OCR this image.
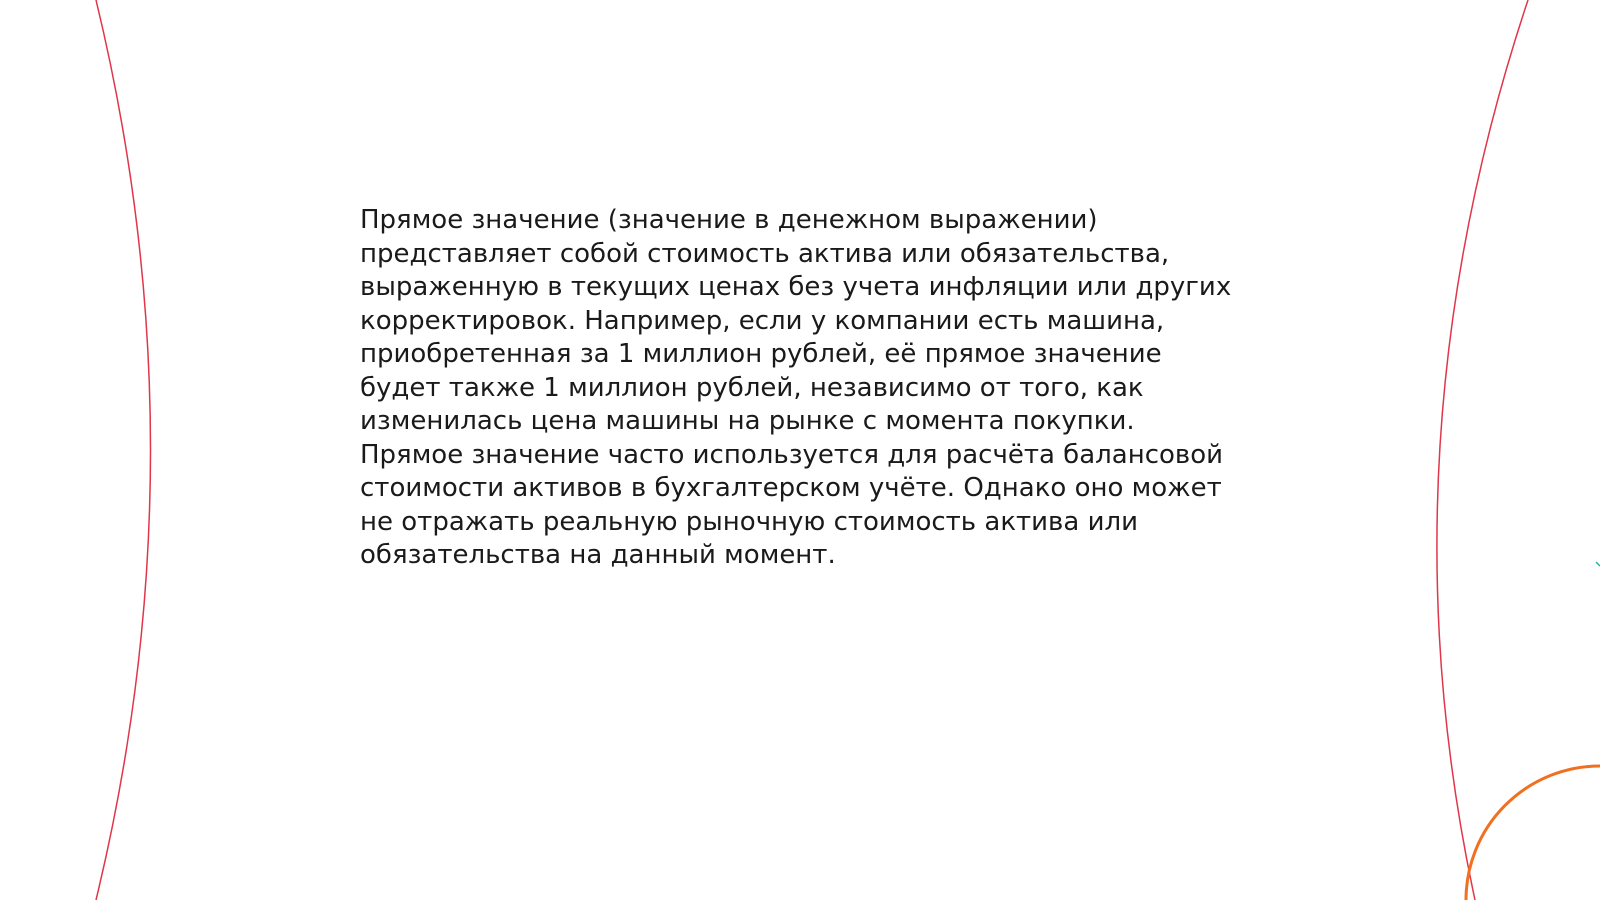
Прямое значение (значение в денежном выражении) представляет собой стоимость актива или обязательства, выраженную в текущих ценах без учета инфляции или других корректировок. Например, если у компании есть машина, приобретенная за 1 миллион рублей, её прямое значение будет также 1 миллион рублей, независимо от того, как изменилась цена машины на рынке с момента покупки. Прямое значение часто используется для расчёта балансовой стоимости активов в бухгалтерском учёте. Однако оно может не отражать реальную рыночную стоимость актива или обязательства на данный момент.
